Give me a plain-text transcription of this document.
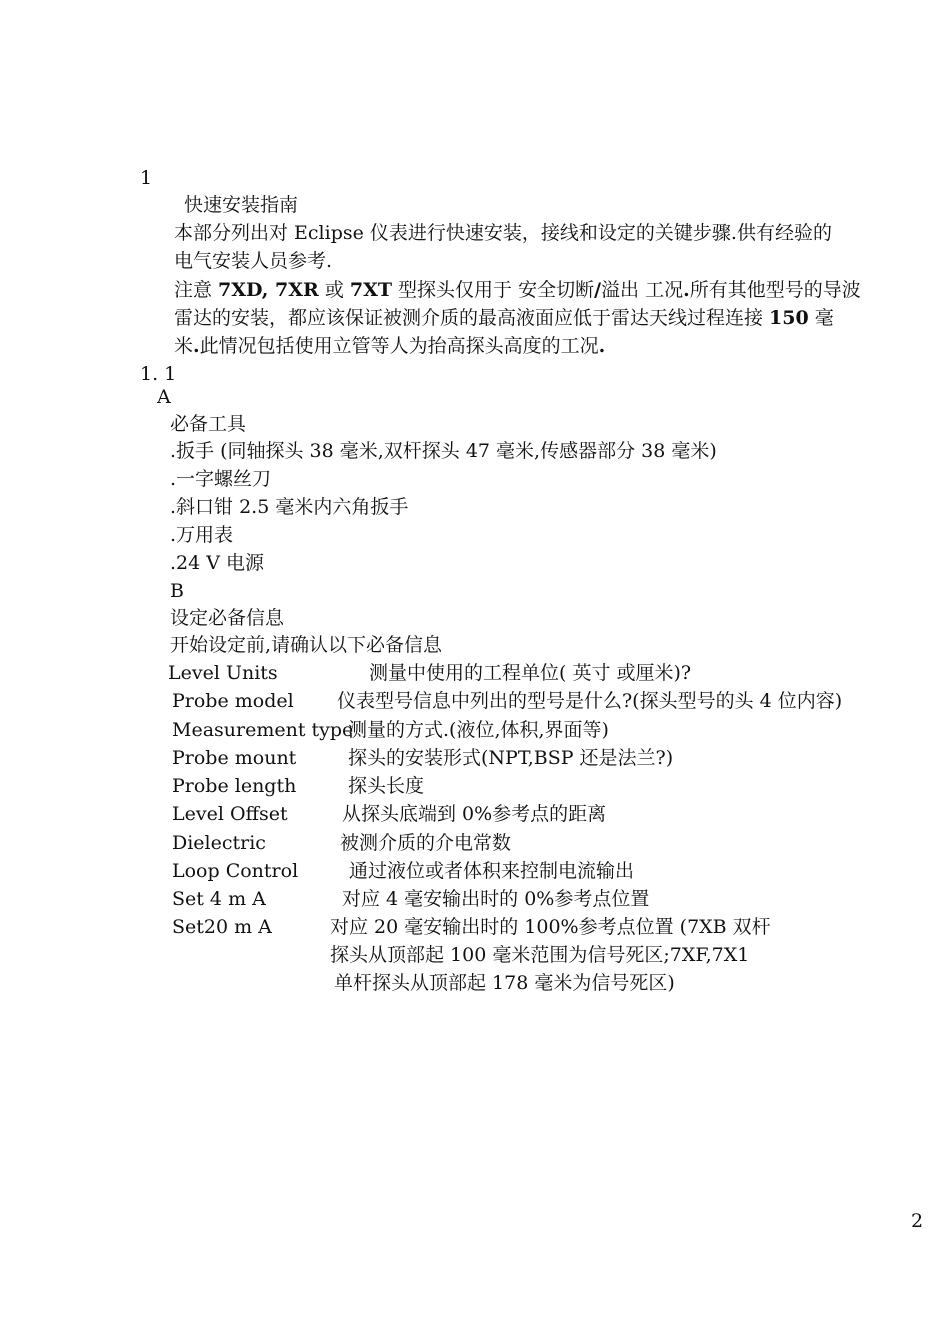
1
快速安装指南
本部分列出对 Eclipse 仪表进行快速安装，接线和设定的关键步骤.供有经验的
电气安装人员参考.
注意 7XD, 7XR 或 7XT 型探头仅用于 安全切断/溢出 工况.所有其他型号的导波
雷达的安装，都应该保证被测介质的最高液面应低于雷达天线过程连接 150 毫
米.此情况包括使用立管等人为抬高探头高度的工况.
1. 1
A
必备工具
.扳手 (同轴探头 38 毫米,双杆探头 47 毫米,传感器部分 38 毫米)
.一字螺丝刀
.斜口钳 2.5 毫米内六角扳手
.万用表
.24 V 电源
B
设定必备信息
开始设定前,请确认以下必备信息
Level Units	测量中使用的工程单位( 英寸 或厘米)?
Probe model 仪表型号信息中列出的型号是什么?(探头型号的头 4 位内容)
Measurement type
测量的方式.(液位,体积,界面等)
Probe mount	探头的安装形式(NPT,BSP 还是法兰?)
Probe length	探头长度
Level Offset	从探头底端到 0%参考点的距离
Dielectric	被测介质的介电常数
Loop Control	通过液位或者体积来控制电流输出
Set 4 m A	对应 4 毫安输出时的 0%参考点位置
Set20 m A	对应 20 毫安输出时的 100%参考点位置 (7XB 双杆
探头从顶部起 100 毫米范围为信号死区;7XF,7X1
单杆探头从顶部起 178 毫米为信号死区)
2
